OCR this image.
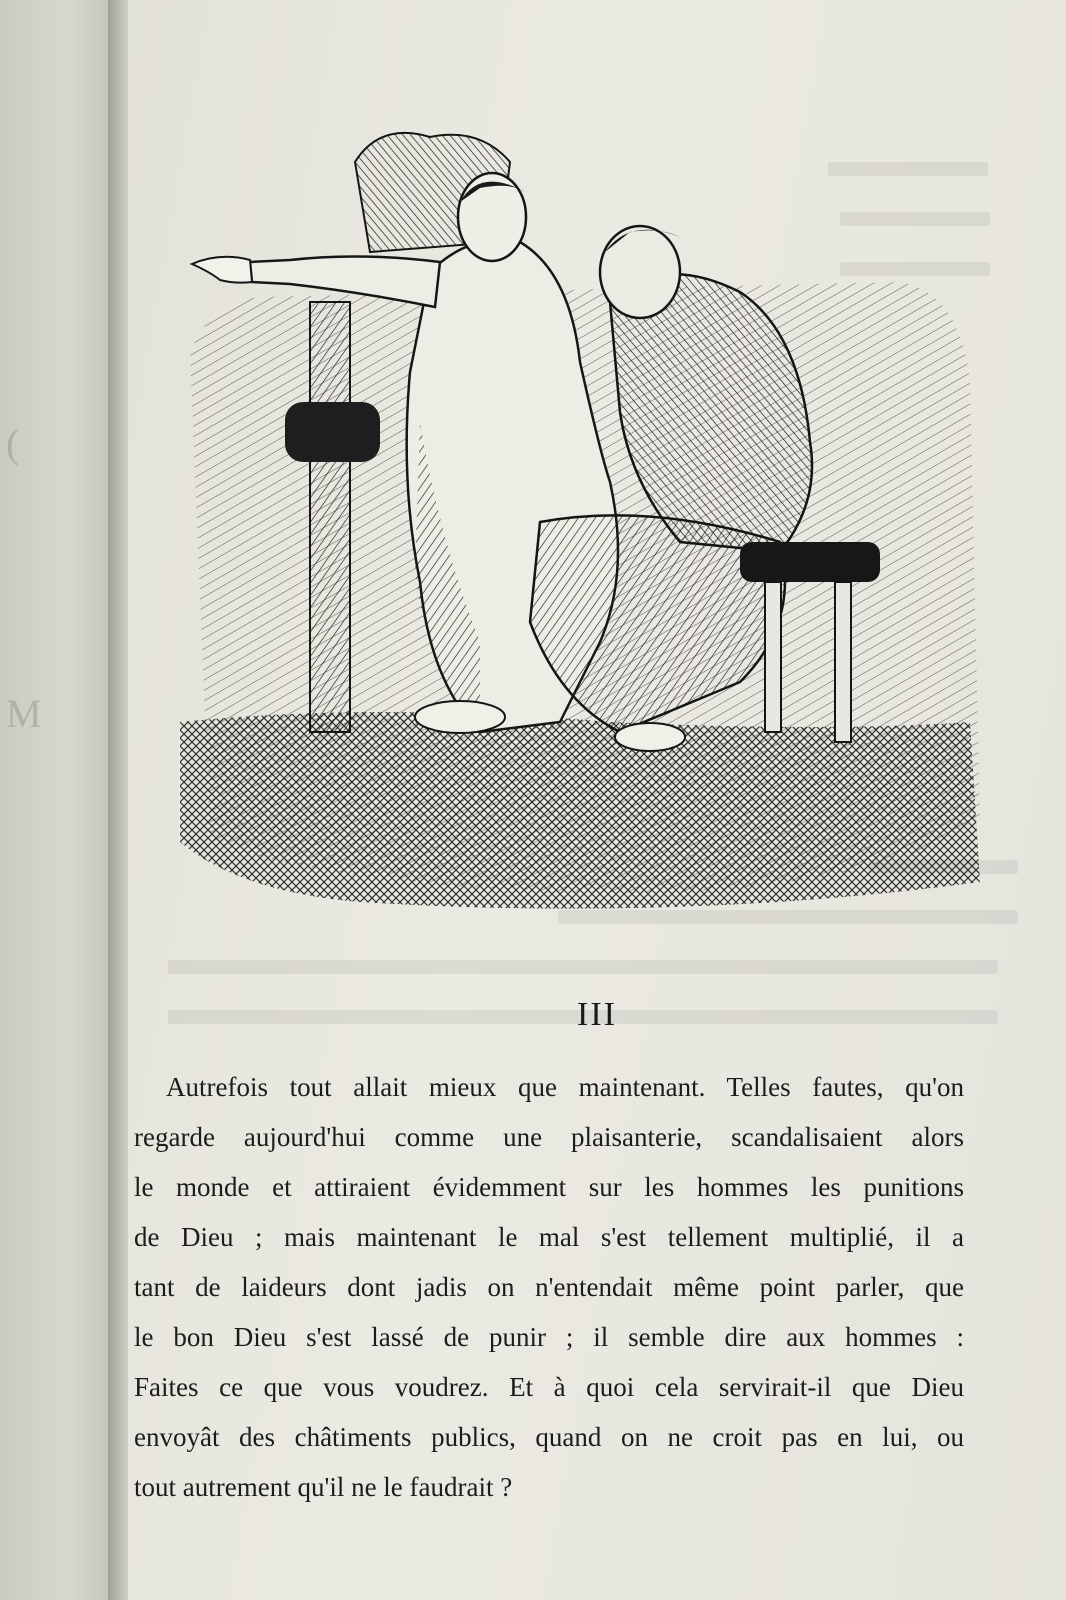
(
M
III
Autrefois tout allait mieux que maintenant. Telles fautes, qu'on
regarde aujourd'hui comme une plaisanterie, scandalisaient alors
le monde et attiraient évidemment sur les hommes les punitions
de Dieu ; mais maintenant le mal s'est tellement multiplié, il a
tant de laideurs dont jadis on n'entendait même point parler, que
le bon Dieu s'est lassé de punir ; il semble dire aux hommes :
Faites ce que vous voudrez. Et à quoi cela servirait-il que Dieu
envoyât des châtiments publics, quand on ne croit pas en lui, ou
tout autrement qu'il ne le faudrait ?
